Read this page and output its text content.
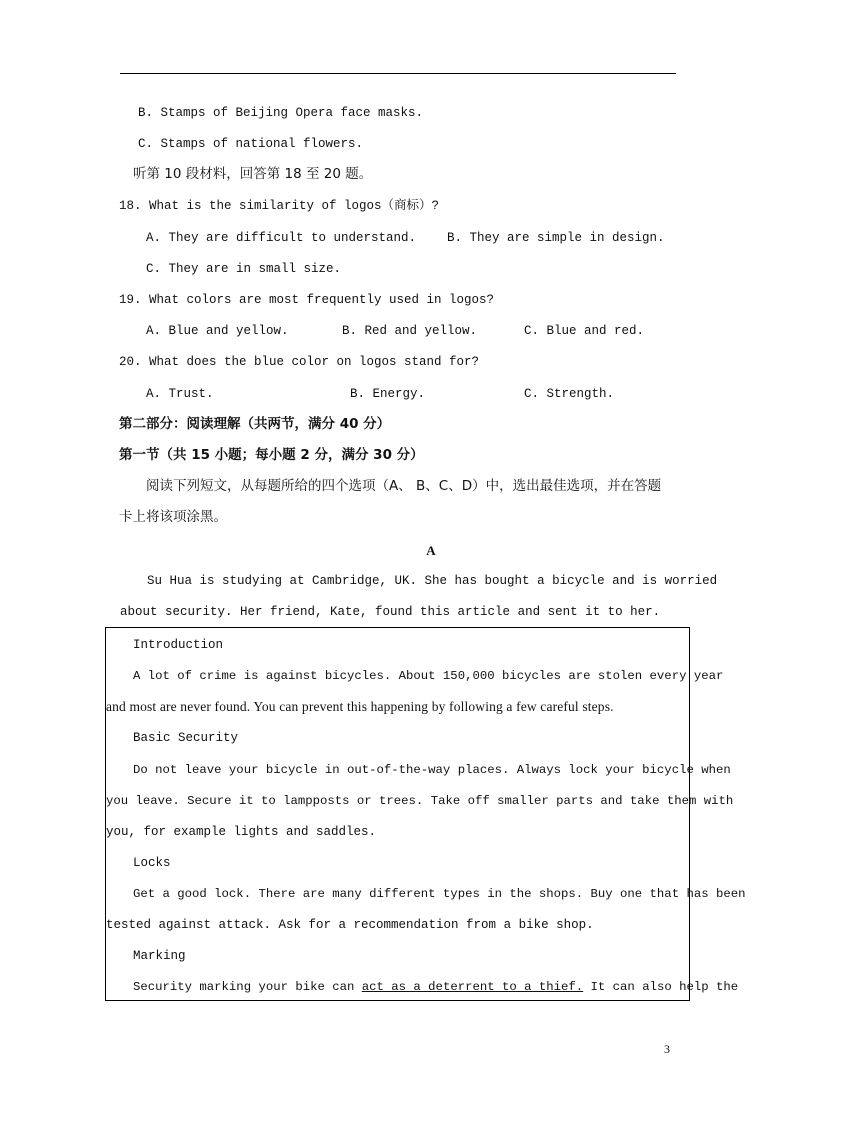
B. Stamps of Beijing Opera face masks.
C. Stamps of national flowers.
听第 10 段材料，回答第 18 至 20 题。
18. What is the similarity of logos（商标）?
A. They are difficult to understand. B. They are simple in design.
C. They are in small size.
19. What colors are most frequently used in logos?
A. Blue and yellow.	B. Red and yellow.	C. Blue and red.
20. What does the blue color on logos stand for?
A. Trust.	B. Energy.	C. Strength.
第二部分：阅读理解（共两节，满分 40 分）
第一节（共 15 小题；每小题 2 分，满分 30 分）
阅读下列短文，从每题所给的四个选项（A、 B、C、D）中，选出最佳选项，并在答题
卡上将该项涂黑。
A
Su Hua is studying at Cambridge, UK. She has bought a bicycle and is worried
about security. Her friend, Kate, found this article and sent it to her.
Introduction
A lot of crime is against bicycles. About 150,000 bicycles are stolen every year
and most are never found. You can prevent this happening by following a few careful steps.
Basic Security
Do not leave your bicycle in out-of-the-way places. Always lock your bicycle when
you leave. Secure it to lampposts or trees. Take off smaller parts and take them with
you, for example lights and saddles.
Locks
Get a good lock. There are many different types in the shops. Buy one that has been
tested against attack. Ask for a recommendation from a bike shop.
Marking
Security marking your bike can act as a deterrent to a thief. It can also help the
3
